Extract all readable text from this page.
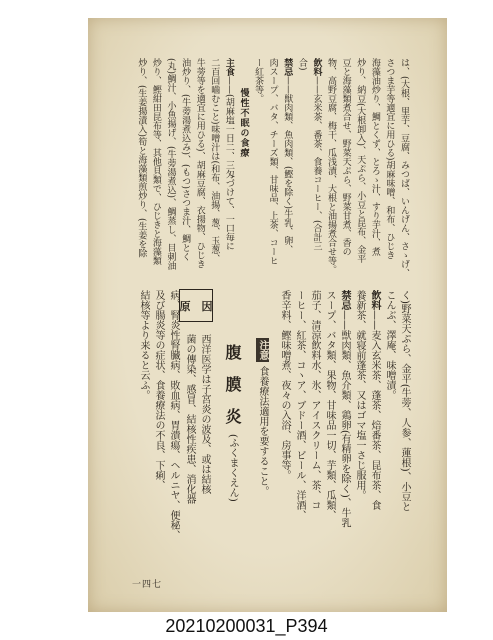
は、(大根、里芋、豆腐、みつば、いんげん、さゝげ、
さつま芋等適宜に用ひる)胡麻味噌、和布、ひじき
海藻油炒り、鯛とくず、とろゝ汁、すり芋汁、煮
炒り、納豆(大根卸入)、天ぷら、小豆と昆布、金平
豆と海藻類煮合せ、野菜天ぷら、野菜甘煮、香の
物、高野豆腐、梅干、瓜浅漬、大根と油揚煮合せ等。
飲料——玄米茶、番茶、食養コーヒー、(合計三
合)
禁忌——獣肉類、魚肉類、(鰹を除く)牛乳、卵、
肉スープ、バタ、チーズ類、甘味品、上茶、コーヒ
ー紅茶等。
慢性不眠の食療
主食——(胡麻塩一日二、三匁づけて、一口毎に
二百回嚙むこと)味噌汁は(和布、油揚、葱、玉葱、
牛蒡等を適宜に用ひる)、胡麻豆腐、衣揚物、ひじき
油炒り、(牛蒡湯煮込み)、(もつ)さつま汁、鯛とく
(丸)鯛汁、小魚揚げ、(牛蒡湯煮込)、鯛蒸し、目刺油
炒り、鰹紺田昆布等、其他貝類で、ひじきと海藻類
炒り、(生姜揚漬入)筍と海藻類煎炒り、(生姜を除
く)野菜天ぷら、金平(牛蒡、人参、蓮根)、小豆と
こんぶ、澤庵、味噌漬。
飲料——麦入玄米茶、蓬茶、焙番茶、昆布茶、食
養新茶、就寝前蓬茶、又はゴマ塩一さじ服用。
禁忌——獣肉類、魚介類、鶏卵(有精卵を除く)、牛乳
スープ、バタ類、果物、甘味品一切、芋類、瓜類、
茄子、清涼飲料水、氷、アイスクリーム、茶、コ
ーヒー、紅茶、コヽア、ブドー酒、ビール、洋酒、
香辛料、鰹味噌煮、夜々の入浴、房事等。
注意食養療法適用を要すること。
腹　膜　炎(ふくまくえん)
原　因
西洋医学は子宮炎の波及、或は結核
菌の傳染、感冒、結核性疾患、消化器
病、腎炎性腎臓病、敗血病、胃潰瘍、ヘルニヤ、便秘、
及び腸炎等の症状、食養療法の不良、下痢、
結核等より来ると云ふ。
一四七
20210200031_P394
